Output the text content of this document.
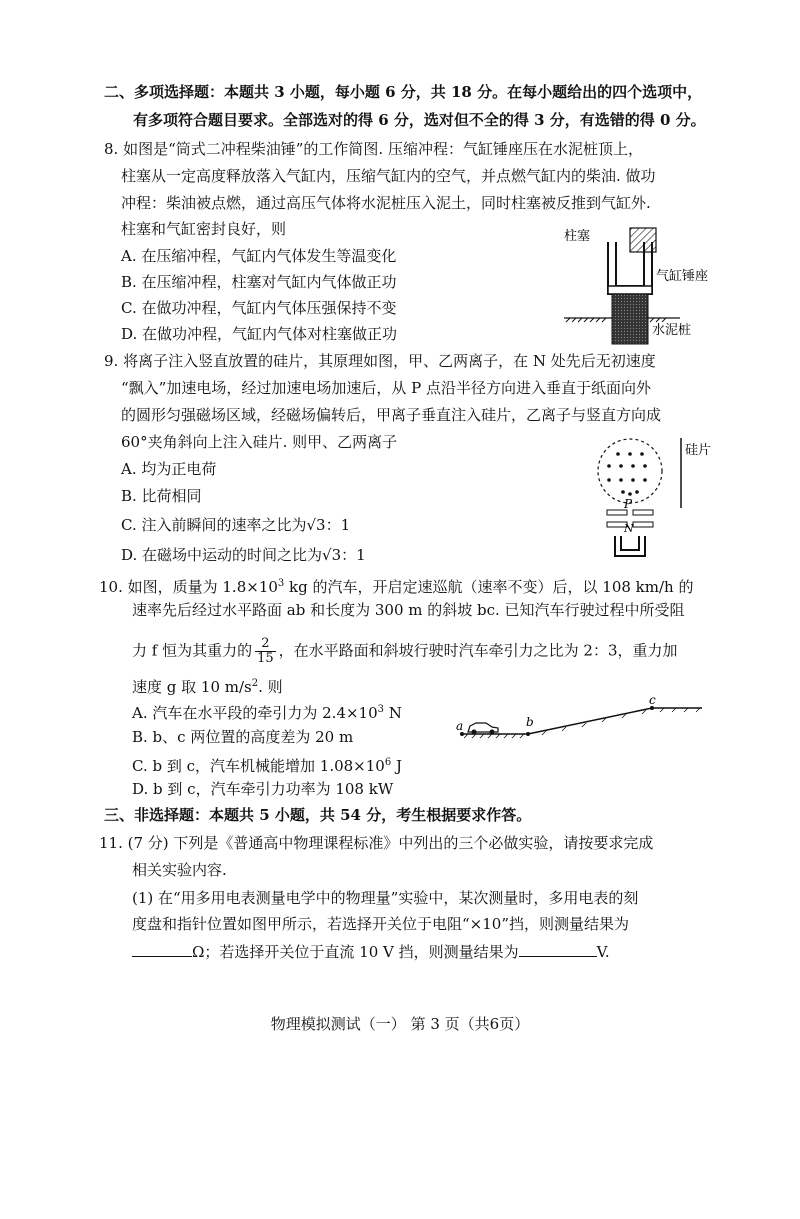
二、多项选择题：本题共 3 小题，每小题 6 分，共 18 分。在每小题给出的四个选项中，
有多项符合题目要求。全部选对的得 6 分，选对但不全的得 3 分，有选错的得 0 分。
8. 如图是“筒式二冲程柴油锤”的工作简图. 压缩冲程：气缸锤座压在水泥桩顶上，
柱塞从一定高度释放落入气缸内，压缩气缸内的空气，并点燃气缸内的柴油. 做功
冲程：柴油被点燃，通过高压气体将水泥桩压入泥土，同时柱塞被反推到气缸外.
柱塞和气缸密封良好，则
A. 在压缩冲程，气缸内气体发生等温变化
B. 在压缩冲程，柱塞对气缸内气体做正功
C. 在做功冲程，气缸内气体压强保持不变
D. 在做功冲程，气缸内气体对柱塞做正功
柱塞
气缸锤座
水泥桩
9. 将离子注入竖直放置的硅片，其原理如图，甲、乙两离子，在 N 处先后无初速度
“飘入”加速电场，经过加速电场加速后，从 P 点沿半径方向进入垂直于纸面向外
的圆形匀强磁场区域，经磁场偏转后，甲离子垂直注入硅片，乙离子与竖直方向成
60°夹角斜向上注入硅片. 则甲、乙两离子
A. 均为正电荷
B. 比荷相同
C. 注入前瞬间的速率之比为√3：1
D. 在磁场中运动的时间之比为√3：1
硅片
P
N
10. 如图，质量为 $1.8\times 10^3$ kg 的汽车，开启定速巡航（速率不变）后，以 108 km/h 的
速率先后经过水平路面 ab 和长度为 300 m 的斜坡 bc. 已知汽车行驶过程中所受阻
力 f 恒为其重力的 $\frac{2}{15}$ ，在水平路面和斜坡行驶时汽车牵引力之比为 2：3，重力加
速度 g 取 10 $m/s^2$. 则
A. 汽车在水平段的牵引力为 $2.4\times 10^3$ N
B. b、c 两位置的高度差为 20 m
C. b 到 c，汽车机械能增加 $1.08\times 10^6$ J
D. b 到 c，汽车牵引力功率为 108 kW
a	b
c
三、非选择题：本题共 5 小题，共 54 分，考生根据要求作答。
11. (7 分) 下列是《普通高中物理课程标准》中列出的三个必做实验，请按要求完成
相关实验内容.
(1) 在“用多用电表测量电学中的物理量”实验中，某次测量时，多用电表的刻
度盘和指针位置如图甲所示，若选择开关位于电阻“×10”挡，则测量结果为
Ω；若选择开关位于直流 10 V 挡，则测量结果为	V.
物理模拟测试（一） 第 3 页（共6页）
